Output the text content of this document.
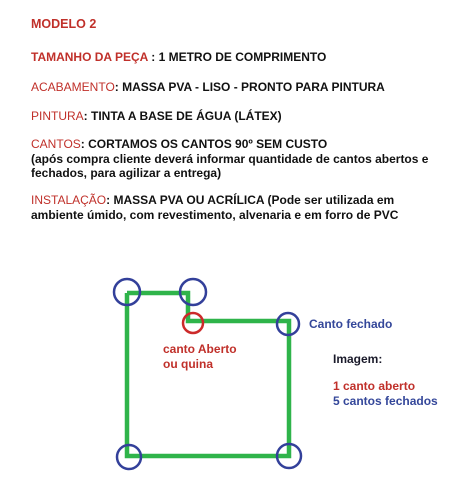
MODELO 2
TAMANHO DA PEÇA : 1 METRO DE COMPRIMENTO
ACABAMENTO: MASSA PVA - LISO - PRONTO PARA PINTURA
PINTURA: TINTA A BASE DE ÁGUA (LÁTEX)
CANTOS: CORTAMOS OS CANTOS 90º SEM CUSTO
(após compra cliente deverá informar quantidade de cantos abertos e
fechados, para agilizar a entrega)
INSTALAÇÃO: MASSA PVA OU ACRÍLICA (Pode ser utilizada em
ambiente úmido, com revestimento, alvenaria e em forro de PVC
Canto fechado
canto Aberto
ou quina	Imagem:
1 canto aberto
5 cantos fechados
